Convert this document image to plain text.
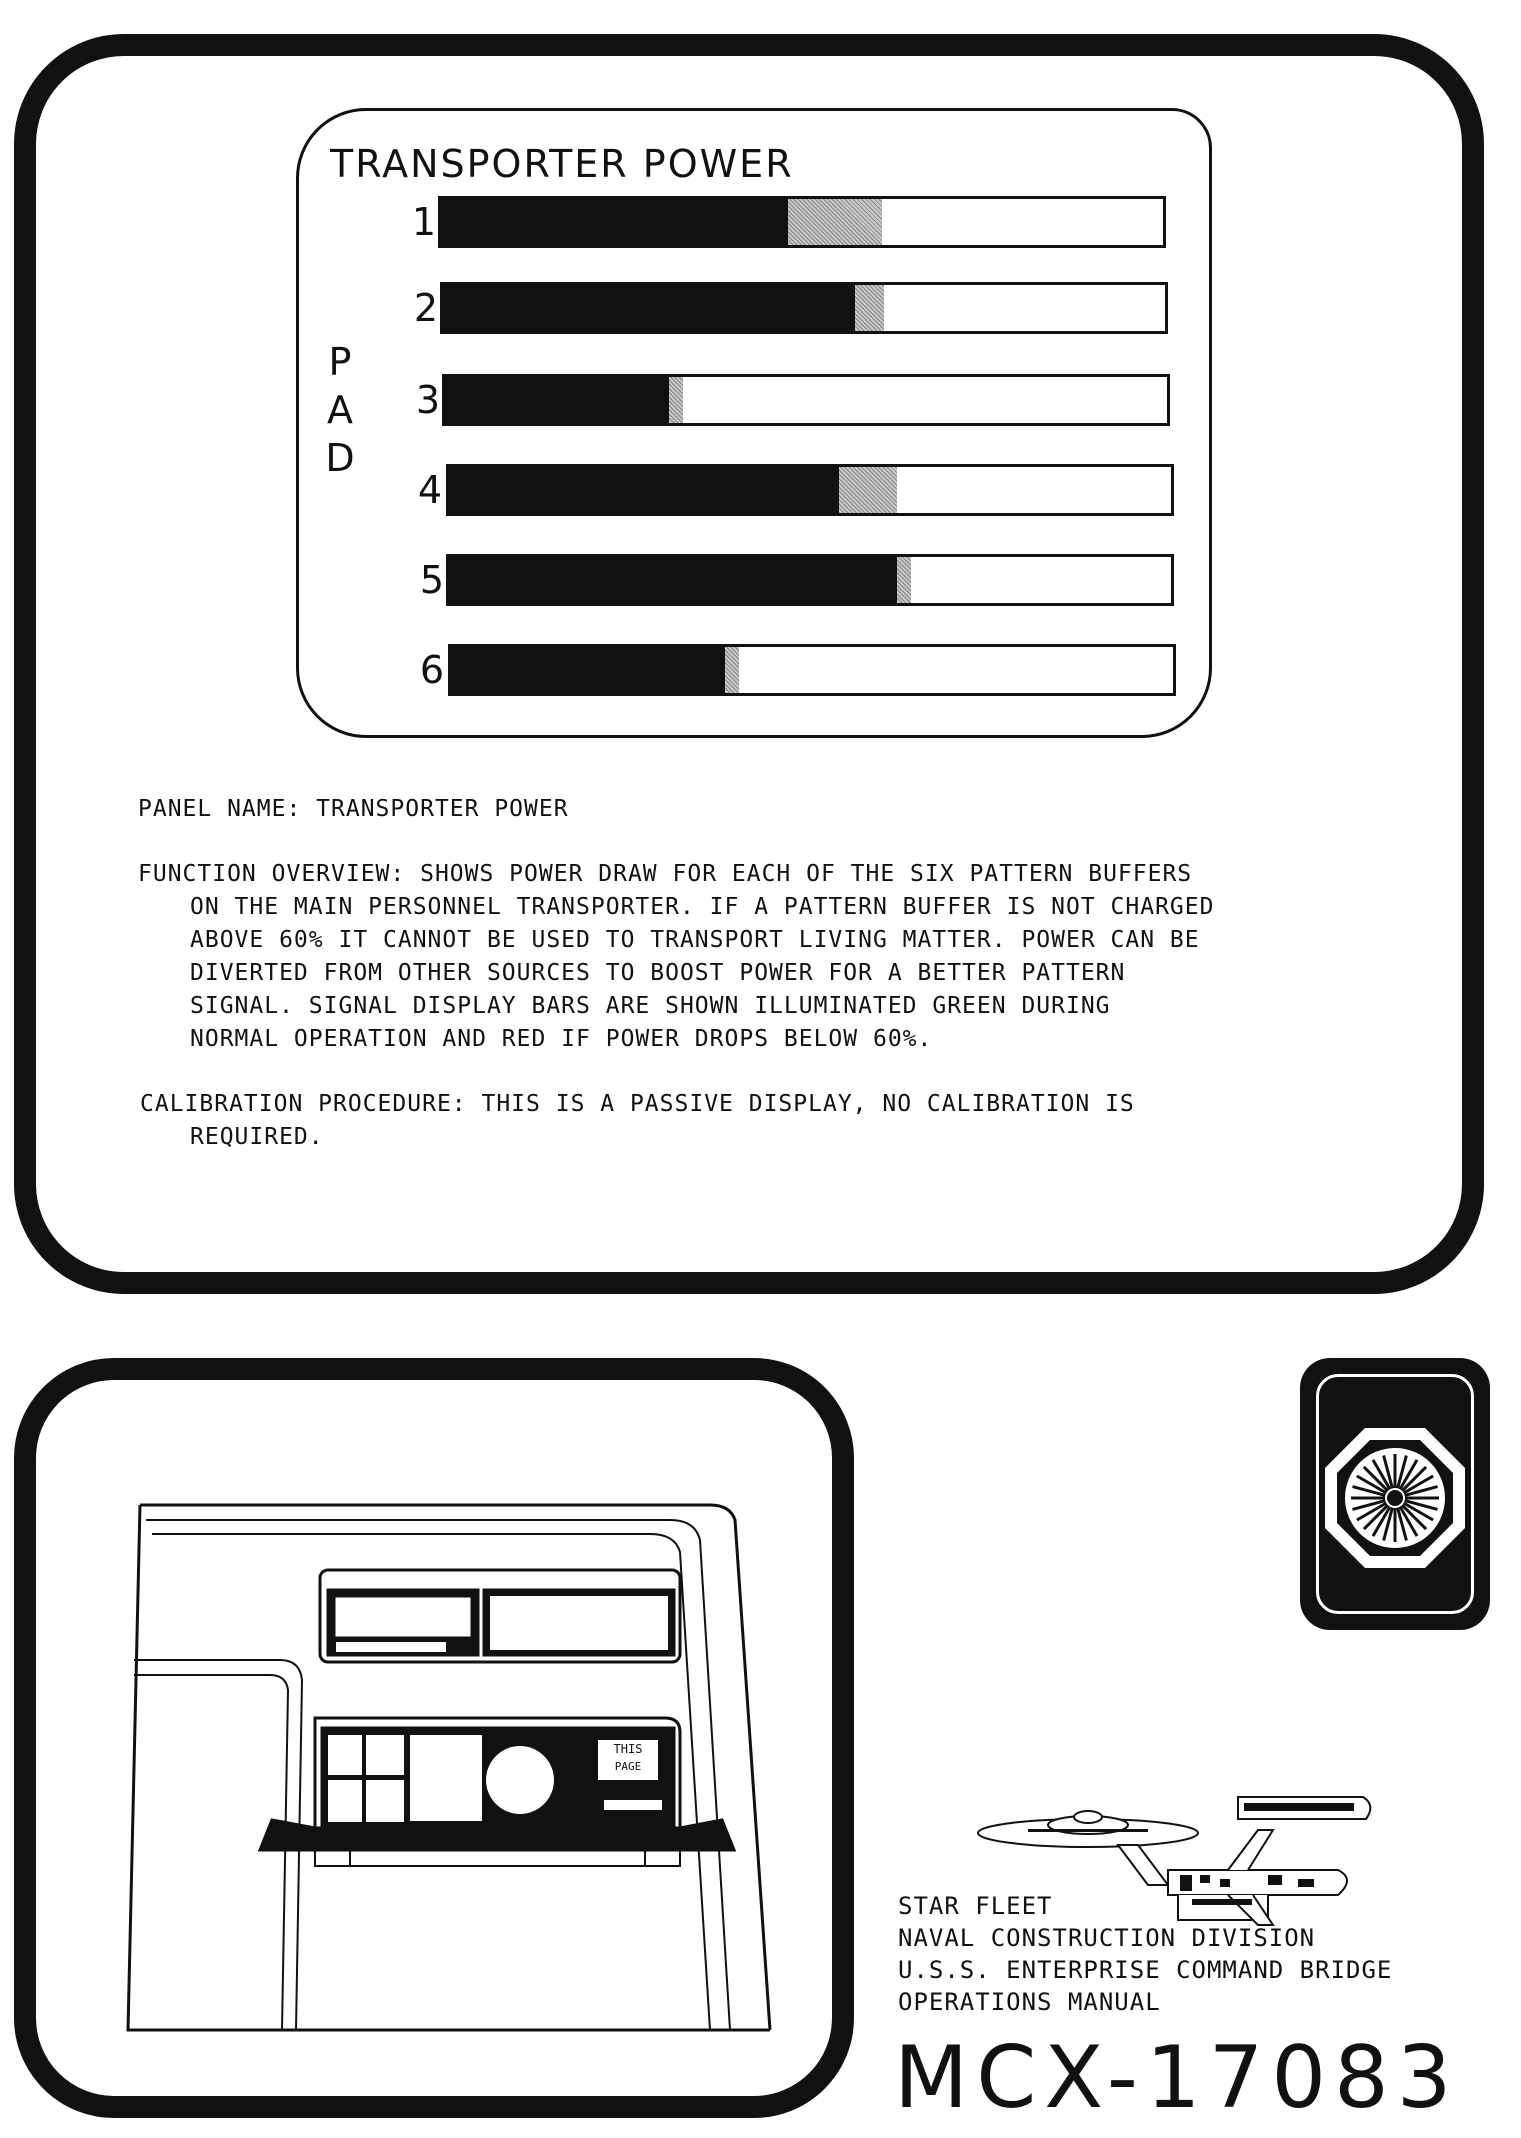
TRANSPORTER POWER
P
A
D
1
2
3
4
5
6
PANEL NAME: TRANSPORTER POWER
FUNCTION OVERVIEW: SHOWS POWER DRAW FOR EACH OF THE SIX PATTERN BUFFERS
ON THE MAIN PERSONNEL TRANSPORTER. IF A PATTERN BUFFER IS NOT CHARGED
ABOVE 60% IT CANNOT BE USED TO TRANSPORT LIVING MATTER. POWER CAN BE
DIVERTED FROM OTHER SOURCES TO BOOST POWER FOR A BETTER PATTERN
SIGNAL. SIGNAL DISPLAY BARS ARE SHOWN ILLUMINATED GREEN DURING
NORMAL OPERATION AND RED IF POWER DROPS BELOW 60%.
CALIBRATION PROCEDURE: THIS IS A PASSIVE DISPLAY, NO CALIBRATION IS
REQUIRED.
THIS
PAGE
STAR FLEET
NAVAL CONSTRUCTION DIVISION
U.S.S. ENTERPRISE COMMAND BRIDGE
OPERATIONS MANUAL
MCX-17083
